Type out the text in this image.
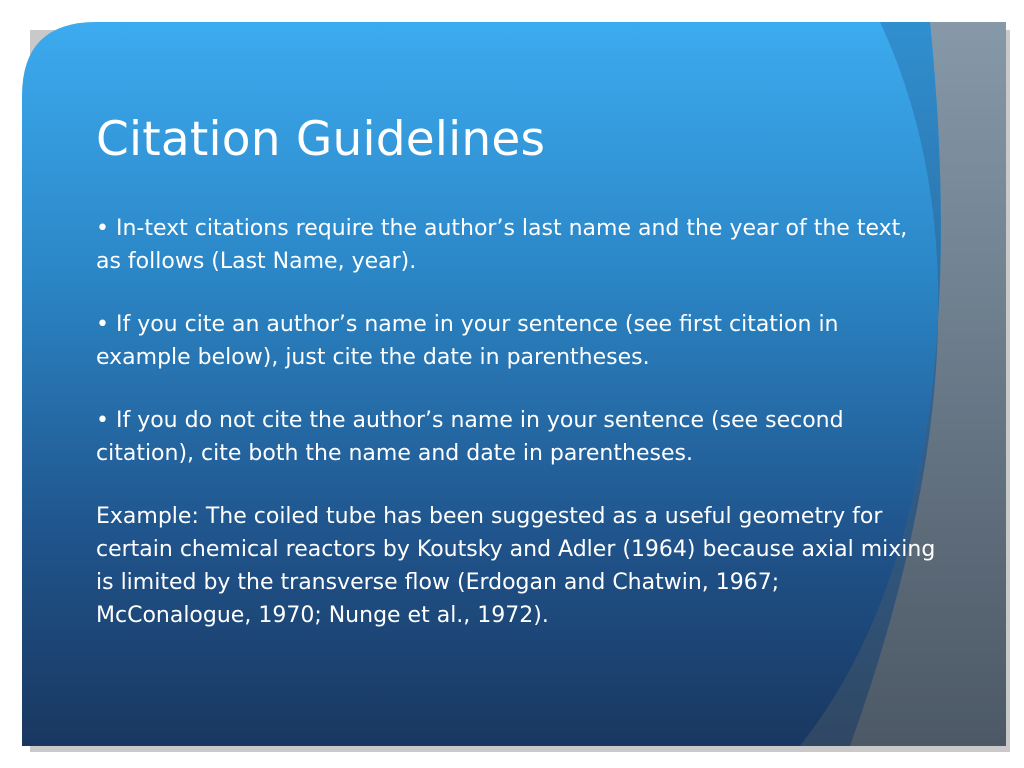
Citation Guidelines

• In-text citations require the author’s last name and the year of the text, as follows (Last Name, year).

• If you cite an author’s name in your sentence (see first citation in example below), just cite the date in parentheses.

• If you do not cite the author’s name in your sentence (see second citation), cite both the name and date in parentheses.

Example: The coiled tube has been suggested as a useful geometry for certain chemical reactors by Koutsky and Adler (1964) because axial mixing is limited by the transverse flow (Erdogan and Chatwin, 1967; McConalogue, 1970; Nunge et al., 1972).
